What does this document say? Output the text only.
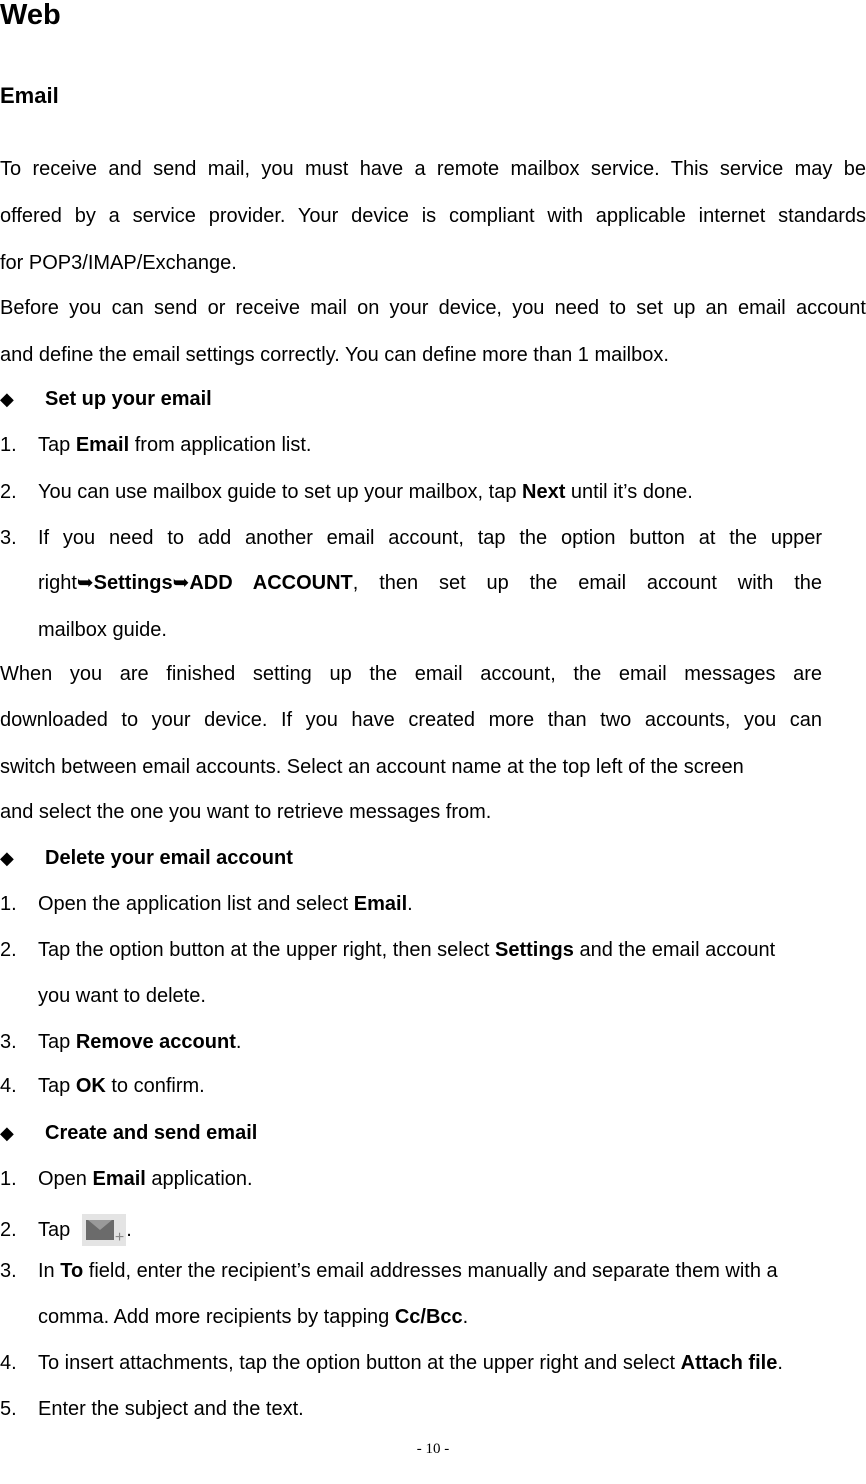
Web
Email
To receive and send mail, you must have a remote mailbox service. This service may be
offered by a service provider. Your device is compliant with applicable internet standards
for POP3/IMAP/Exchange.
Before you can send or receive mail on your device, you need to set up an email account
and define the email settings correctly. You can define more than 1 mailbox.
◆ Set up your email
1. Tap Email from application list.
2. You can use mailbox guide to set up your mailbox, tap Next until it’s done.
3. If you need to add another email account, tap the option button at the upper
right➥Settings➥ADD ACCOUNT, then set up the email account with the
mailbox guide.
When you are finished setting up the email account, the email messages are
downloaded to your device. If you have created more than two accounts, you can
switch between email accounts. Select an account name at the top left of the screen
and select the one you want to retrieve messages from.
◆ Delete your email account
1. Open the application list and select Email.
2. Tap the option button at the upper right, then select Settings and the email account
you want to delete.
3. Tap Remove account.
4. Tap OK to confirm.
◆ Create and send email
1. Open Email application.
2. Tap	+ .
3. In To field, enter the recipient’s email addresses manually and separate them with a
comma. Add more recipients by tapping Cc/Bcc.
4. To insert attachments, tap the option button at the upper right and select Attach file.
5. Enter the subject and the text.
- 10 -
